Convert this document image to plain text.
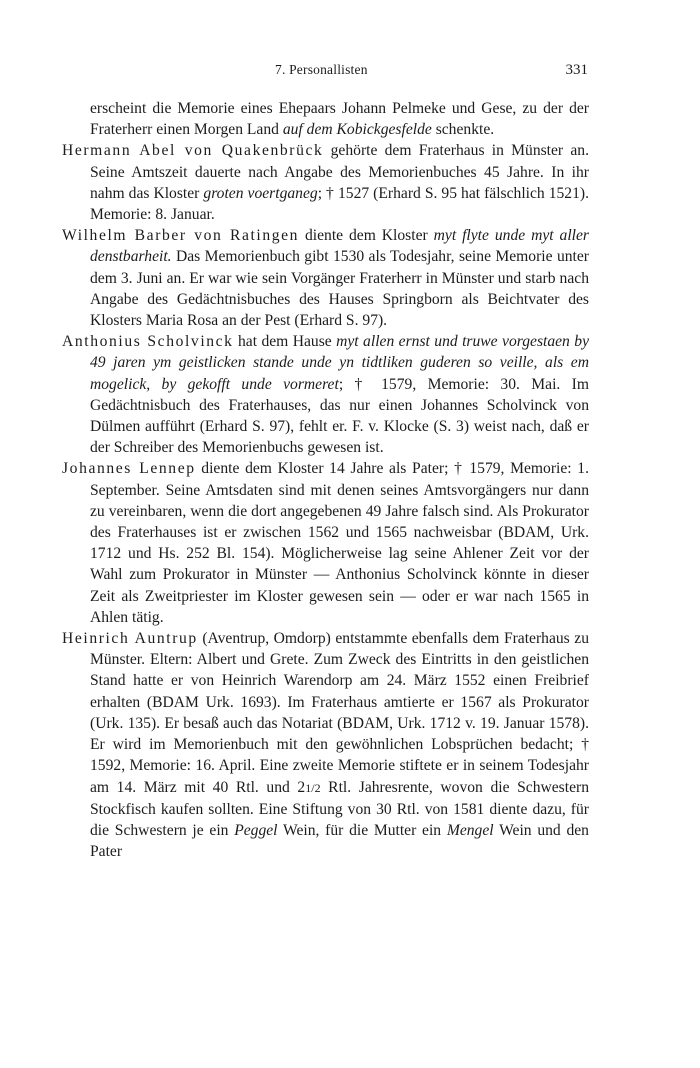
7. Personallisten	331
erscheint die Memorie eines Ehepaars Johann Pelmeke und Gese, zu der der Fraterherr einen Morgen Land auf dem Kobickgesfelde schenkte.
Hermann Abel von Quakenbrück gehörte dem Fraterhaus in Münster an. Seine Amtszeit dauerte nach Angabe des Memorienbuches 45 Jahre. In ihr nahm das Kloster groten voertganeg; † 1527 (Erhard S. 95 hat fälschlich 1521). Memorie: 8. Januar.
Wilhelm Barber von Ratingen diente dem Kloster myt flyte unde myt aller denstbarheit. Das Memorienbuch gibt 1530 als Todesjahr, seine Memorie unter dem 3. Juni an. Er war wie sein Vorgänger Fraterherr in Münster und starb nach Angabe des Gedächtnisbuches des Hauses Springborn als Beichtvater des Klosters Maria Rosa an der Pest (Erhard S. 97).
Anthonius Scholvinck hat dem Hause myt allen ernst und truwe vorgestaen by 49 jaren ym geistlicken stande unde yn tidtliken guderen so veille, als em mogelick, by gekofft unde vormeret; † 1579, Memorie: 30. Mai. Im Gedächtnisbuch des Fraterhauses, das nur einen Johannes Scholvinck von Dülmen aufführt (Erhard S. 97), fehlt er. F. v. Klocke (S. 3) weist nach, daß er der Schreiber des Memorienbuchs gewesen ist.
Johannes Lennep diente dem Kloster 14 Jahre als Pater; † 1579, Memorie: 1. September. Seine Amtsdaten sind mit denen seines Amtsvorgängers nur dann zu vereinbaren, wenn die dort angegebenen 49 Jahre falsch sind. Als Prokurator des Fraterhauses ist er zwischen 1562 und 1565 nachweisbar (BDAM, Urk. 1712 und Hs. 252 Bl. 154). Möglicherweise lag seine Ahlener Zeit vor der Wahl zum Prokurator in Münster — Anthonius Scholvinck könnte in dieser Zeit als Zweitpriester im Kloster gewesen sein — oder er war nach 1565 in Ahlen tätig.
Heinrich Auntrup (Aventrup, Omdorp) entstammte ebenfalls dem Fraterhaus zu Münster. Eltern: Albert und Grete. Zum Zweck des Eintritts in den geistlichen Stand hatte er von Heinrich Warendorp am 24. März 1552 einen Freibrief erhalten (BDAM Urk. 1693). Im Fraterhaus amtierte er 1567 als Prokurator (Urk. 135). Er besaß auch das Notariat (BDAM, Urk. 1712 v. 19. Januar 1578). Er wird im Memorienbuch mit den gewöhnlichen Lobsprüchen bedacht; † 1592, Memorie: 16. April. Eine zweite Memorie stiftete er in seinem Todesjahr am 14. März mit 40 Rtl. und 21/2 Rtl. Jahresrente, wovon die Schwestern Stockfisch kaufen sollten. Eine Stiftung von 30 Rtl. von 1581 diente dazu, für die Schwestern je ein Peggel Wein, für die Mutter ein Mengel Wein und den Pater
